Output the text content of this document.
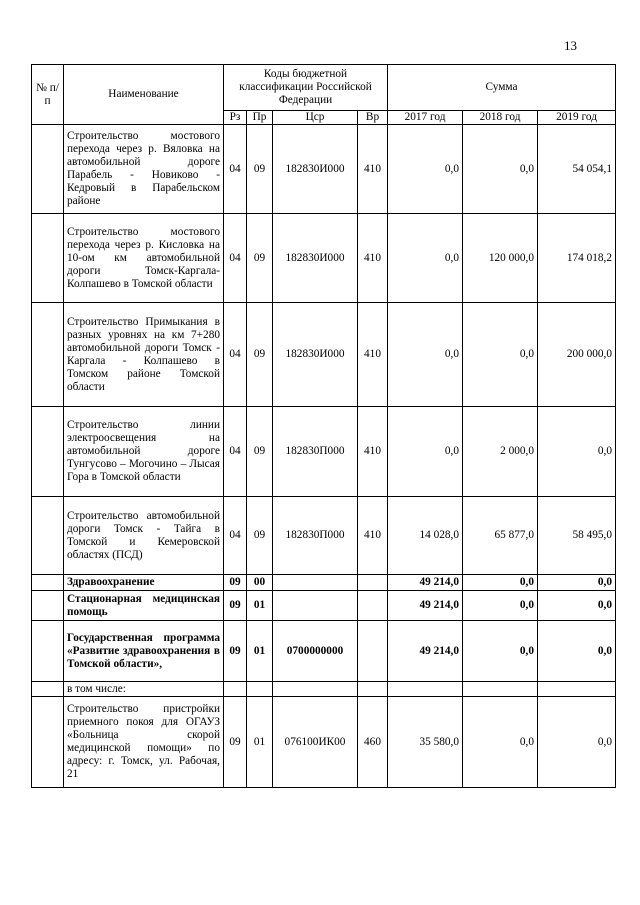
13
№ п/п	Наименование	Коды бюджетной классификации Российской Федерации				Сумма		
		Рз	Пр	Цср	Вр	2017 год	2018 год	2019 год
	Строительство мостового перехода через р. Вяловка на автомобильной дороге Парабель - Новиково - Кедровый в Парабельском районе	04	09	182830И000	410	0,0	0,0	54 054,1
	Строительство мостового перехода через р. Кисловка на 10-ом км автомобильной дороги Томск-Каргала-Колпашево в Томской области	04	09	182830И000	410	0,0	120 000,0	174 018,2
	Строительство Примыкания в разных уровнях на км 7+280 автомобильной дороги Томск - Каргала - Колпашево в Томском районе Томской области	04	09	182830И000	410	0,0	0,0	200 000,0
	Строительство линии электроосвещения на автомобильной дороге Тунгусово – Могочино – Лысая Гора в Томской области	04	09	182830П000	410	0,0	2 000,0	0,0
	Строительство автомобильной дороги Томск - Тайга в Томской и Кемеровской областях (ПСД)	04	09	182830П000	410	14 028,0	65 877,0	58 495,0
	Здравоохранение	09	00			49 214,0	0,0	0,0
	Стационарная медицинская помощь	09	01			49 214,0	0,0	0,0
	Государственная программа «Развитие здравоохранения в Томской области»,	09	01	0700000000		49 214,0	0,0	0,0
	в том числе:							
	Строительство пристройки приемного покоя для ОГАУЗ «Больница скорой медицинской помощи» по адресу: г. Томск, ул. Рабочая, 21	09	01	076100ИК00	460	35 580,0	0,0	0,0
